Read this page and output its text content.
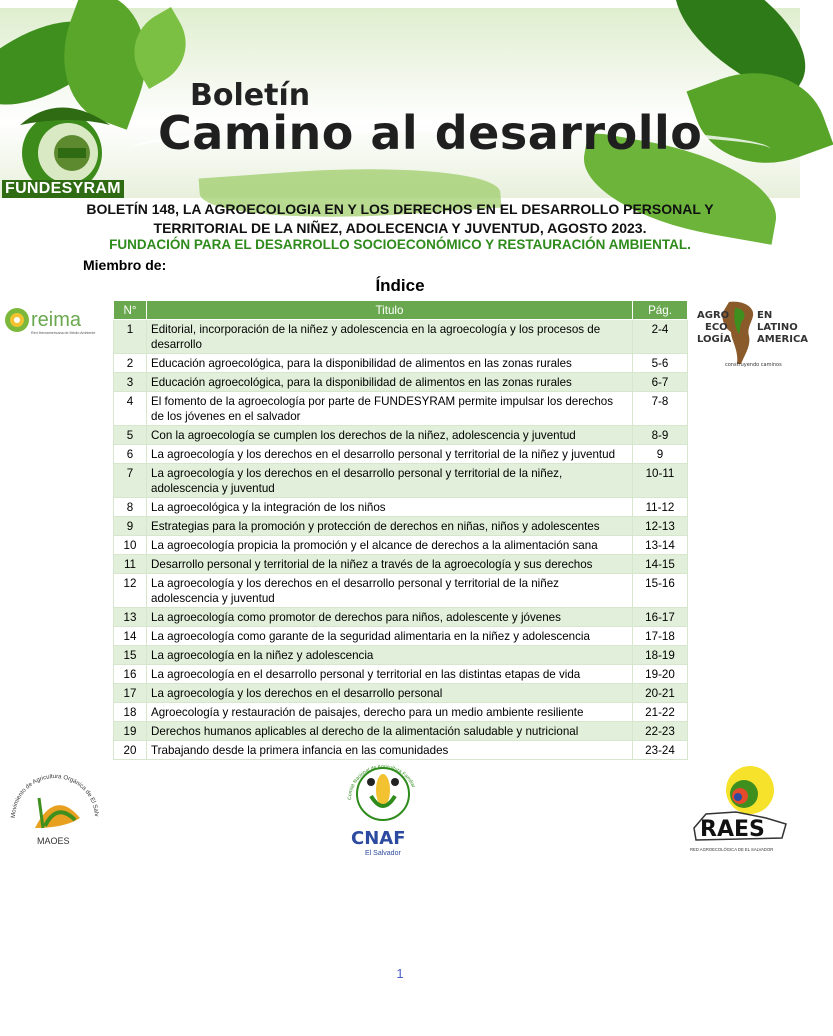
Boletín
Camino al desarrollo
FUNDESYRAM
BOLETÍN 148, LA AGROECOLOGIA EN Y LOS DERECHOS EN EL DESARROLLO PERSONAL Y
TERRITORIAL DE LA NIÑEZ, ADOLECENCIA Y JUVENTUD, AGOSTO 2023.
FUNDACIÓN PARA EL DESARROLLO SOCIOECONÓMICO Y RESTAURACIÓN AMBIENTAL.
Miembro de:
Índice
reima
Red Iberoamericana de Medio Ambiente
AGRO
ECO
LOGÍA
EN
LATINO
AMERICA
construyendo caminos
N°	Titulo	Pág.
1	Editorial, incorporación de la niñez y adolescencia en la agroecología y los procesos de desarrollo	2-4
2	Educación agroecológica, para la disponibilidad de alimentos en las zonas rurales	5-6
3	Educación agroecológica, para la disponibilidad de alimentos en las zonas rurales	6-7
4	El fomento de la agroecología por parte de FUNDESYRAM permite impulsar los derechos de los jóvenes en el salvador	7-8
5	Con la agroecología se cumplen los derechos de la niñez, adolescencia y juventud	8-9
6	La agroecología y los derechos en el desarrollo personal y territorial de la niñez y juventud	9
7	La agroecología y los derechos en el desarrollo personal y territorial de la niñez, adolescencia y juventud	10-11
8	La agroecológica y la integración de los niños	11-12
9	Estrategias para la promoción y protección de derechos en niñas, niños y adolescentes	12-13
10	La agroecología propicia la promoción y el alcance de derechos a la alimentación sana	13-14
11	Desarrollo personal y territorial de la niñez a través de la agroecología y sus derechos	14-15
12	La agroecología y los derechos en el desarrollo personal y territorial de la niñez adolescencia y juventud	15-16
13	La agroecología como promotor de derechos para niños, adolescente y jóvenes	16-17
14	La agroecología como garante de la seguridad alimentaria en la niñez y adolescencia	17-18
15	La agroecología en la niñez y adolescencia	18-19
16	La agroecología en el desarrollo personal y territorial en las distintas etapas de vida	19-20
17	La agroecología y los derechos en el desarrollo personal	20-21
18	Agroecología y restauración de paisajes, derecho para un medio ambiente resiliente	21-22
19	Derechos humanos aplicables al derecho de la alimentación saludable y nutricional	22-23
20	Trabajando desde la primera infancia en las comunidades	23-24
Movimiento de Agricultura Orgánica de El Salv
MAOES
Comité Nacional de Agricultura Familiar
CNAF
El Salvador
RAES
RED AGROECOLÓGICA DE EL SALVADOR
1
